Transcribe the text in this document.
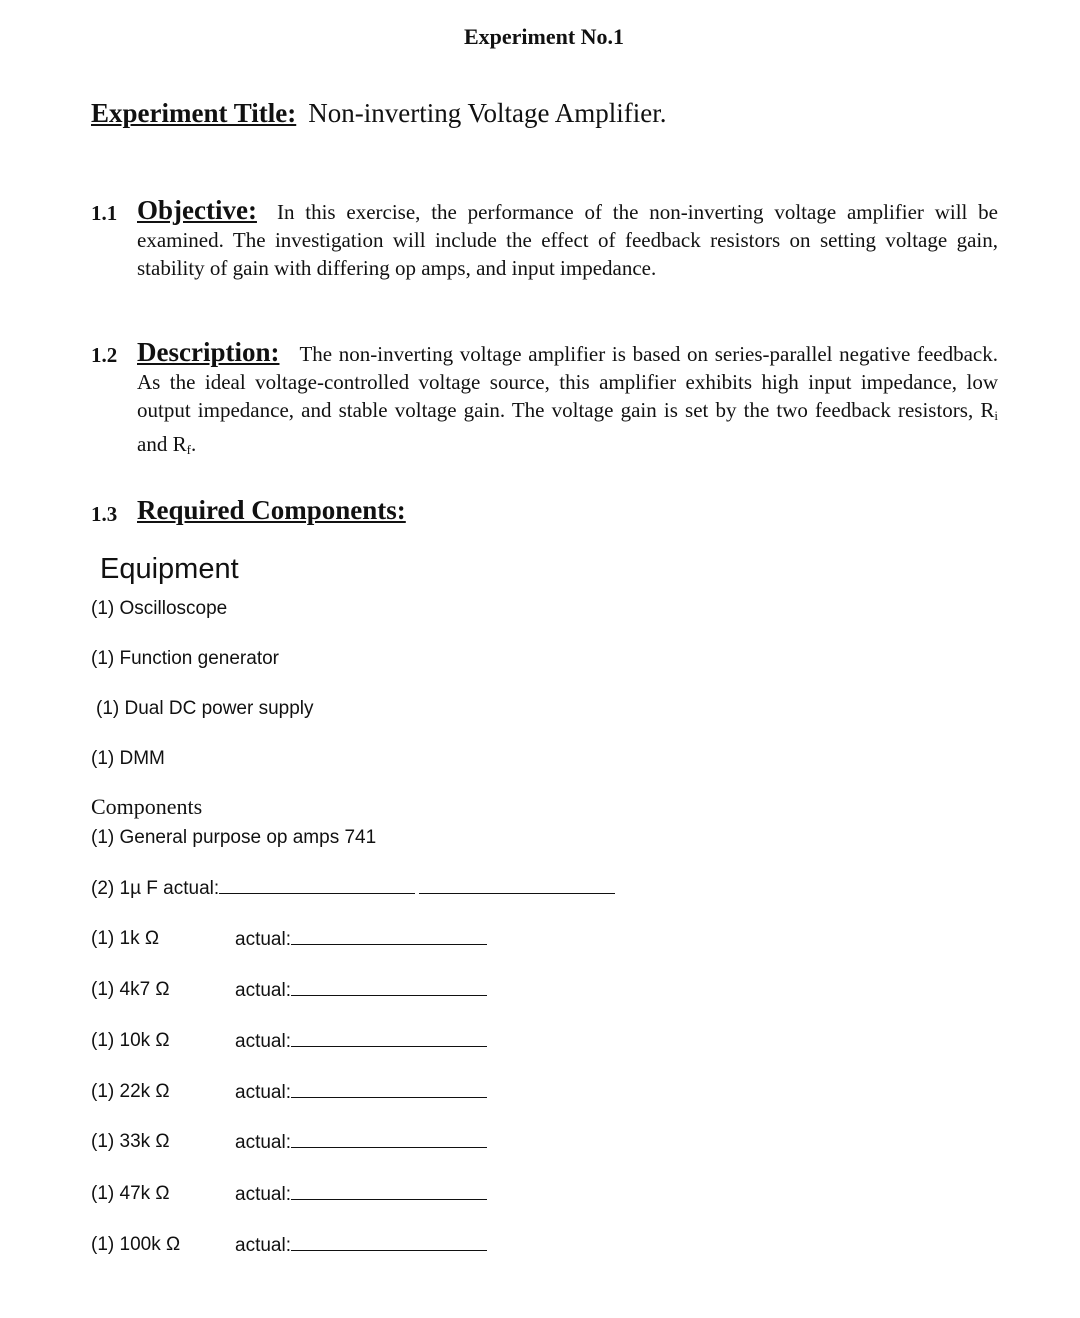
Experiment No.1
Experiment Title: Non-inverting Voltage Amplifier.
1.1 Objective: In this exercise, the performance of the non-inverting voltage amplifier will be examined. The investigation will include the effect of feedback resistors on setting voltage gain, stability of gain with differing op amps, and input impedance.
1.2 Description: The non-inverting voltage amplifier is based on series-parallel negative feedback. As the ideal voltage-controlled voltage source, this amplifier exhibits high input impedance, low output impedance, and stable voltage gain. The voltage gain is set by the two feedback resistors, $R_i$ and $R_f$.
1.3 Required Components:
Equipment
(1) Oscilloscope
(1) Function generator
(1) Dual DC power supply
(1) DMM
Components
(1) General purpose op amps 741
(2) 1µ F actual:
(1) 1k Ω	actual:
(1) 4k7 Ω	actual:
(1) 10k Ω	actual:
(1) 22k Ω	actual:
(1) 33k Ω	actual:
(1) 47k Ω	actual:
(1) 100k Ω	actual:
